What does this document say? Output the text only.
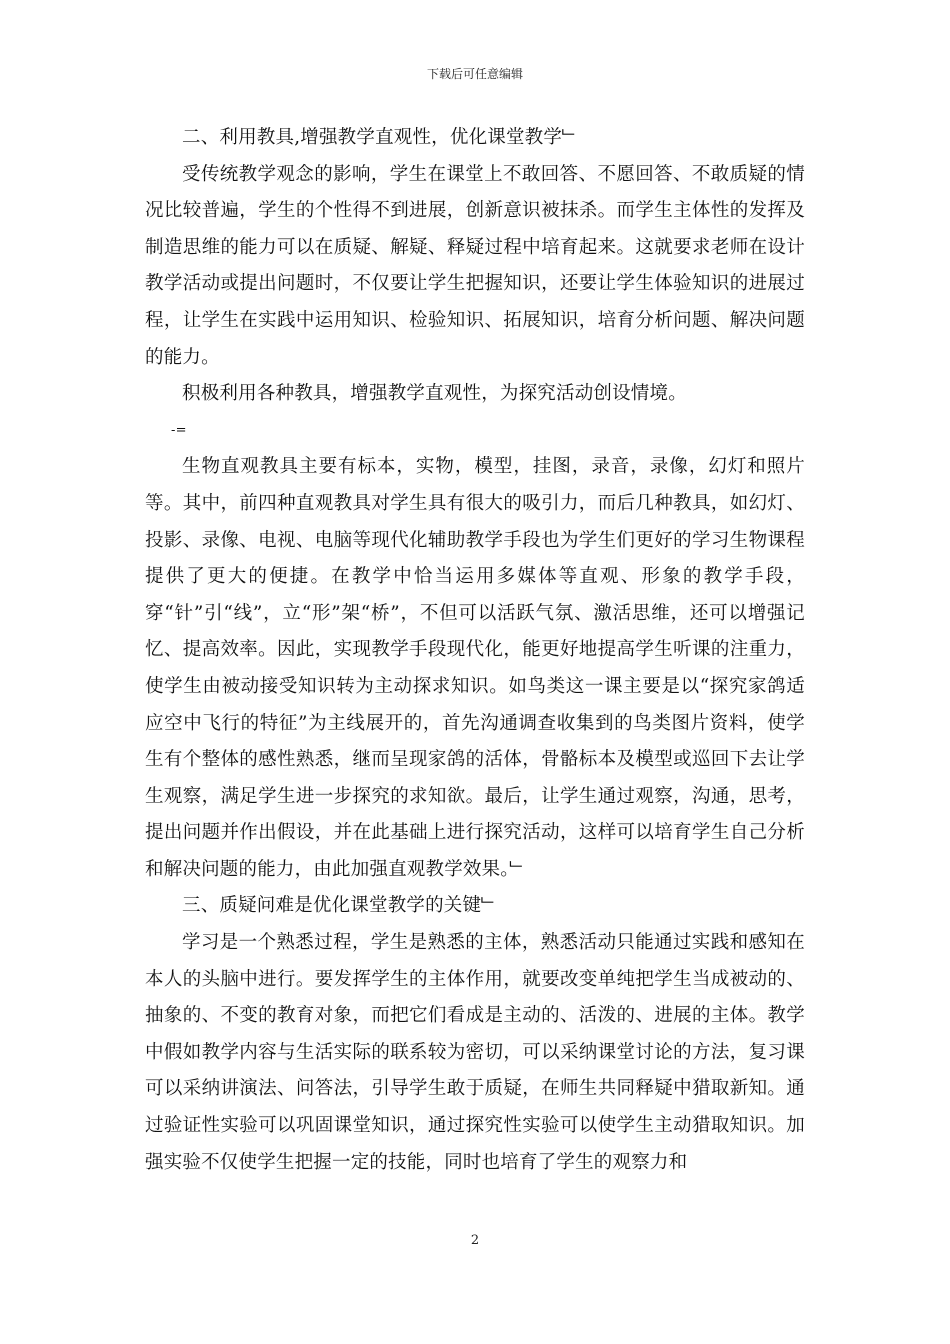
下载后可任意编辑

二、利用教具,增强教学直观性，优化课堂教学﹂

受传统教学观念的影响，学生在课堂上不敢回答、不愿回答、不敢质疑的情况比较普遍，学生的个性得不到进展，创新意识被抹杀。而学生主体性的发挥及制造思维的能力可以在质疑、解疑、释疑过程中培育起来。这就要求老师在设计教学活动或提出问题时，不仅要让学生把握知识，还要让学生体验知识的进展过程，让学生在实践中运用知识、检验知识、拓展知识，培育分析问题、解决问题的能力。

积极利用各种教具，增强教学直观性，为探究活动创设情境。

-=

生物直观教具主要有标本，实物，模型，挂图，录音，录像，幻灯和照片等。其中，前四种直观教具对学生具有很大的吸引力，而后几种教具，如幻灯、投影、录像、电视、电脑等现代化辅助教学手段也为学生们更好的学习生物课程提供了更大的便捷。在教学中恰当运用多媒体等直观、形象的教学手段，穿“针”引“线”，立“形”架“桥”，不但可以活跃气氛、激活思维，还可以增强记忆、提高效率。因此，实现教学手段现代化，能更好地提高学生听课的注重力，使学生由被动接受知识转为主动探求知识。如鸟类这一课主要是以“探究家鸽适应空中飞行的特征”为主线展开的，首先沟通调查收集到的鸟类图片资料，使学生有个整体的感性熟悉，继而呈现家鸽的活体，骨骼标本及模型或巡回下去让学生观察，满足学生进一步探究的求知欲。最后，让学生通过观察，沟通，思考，提出问题并作出假设，并在此基础上进行探究活动，这样可以培育学生自己分析和解决问题的能力，由此加强直观教学效果。﹂

三、质疑问难是优化课堂教学的关键﹂

学习是一个熟悉过程，学生是熟悉的主体，熟悉活动只能通过实践和感知在本人的头脑中进行。要发挥学生的主体作用，就要改变单纯把学生当成被动的、抽象的、不变的教育对象，而把它们看成是主动的、活泼的、进展的主体。教学中假如教学内容与生活实际的联系较为密切，可以采纳课堂讨论的方法，复习课可以采纳讲演法、问答法，引导学生敢于质疑，在师生共同释疑中猎取新知。通过验证性实验可以巩固课堂知识，通过探究性实验可以使学生主动猎取知识。加强实验不仅使学生把握一定的技能，同时也培育了学生的观察力和

2
